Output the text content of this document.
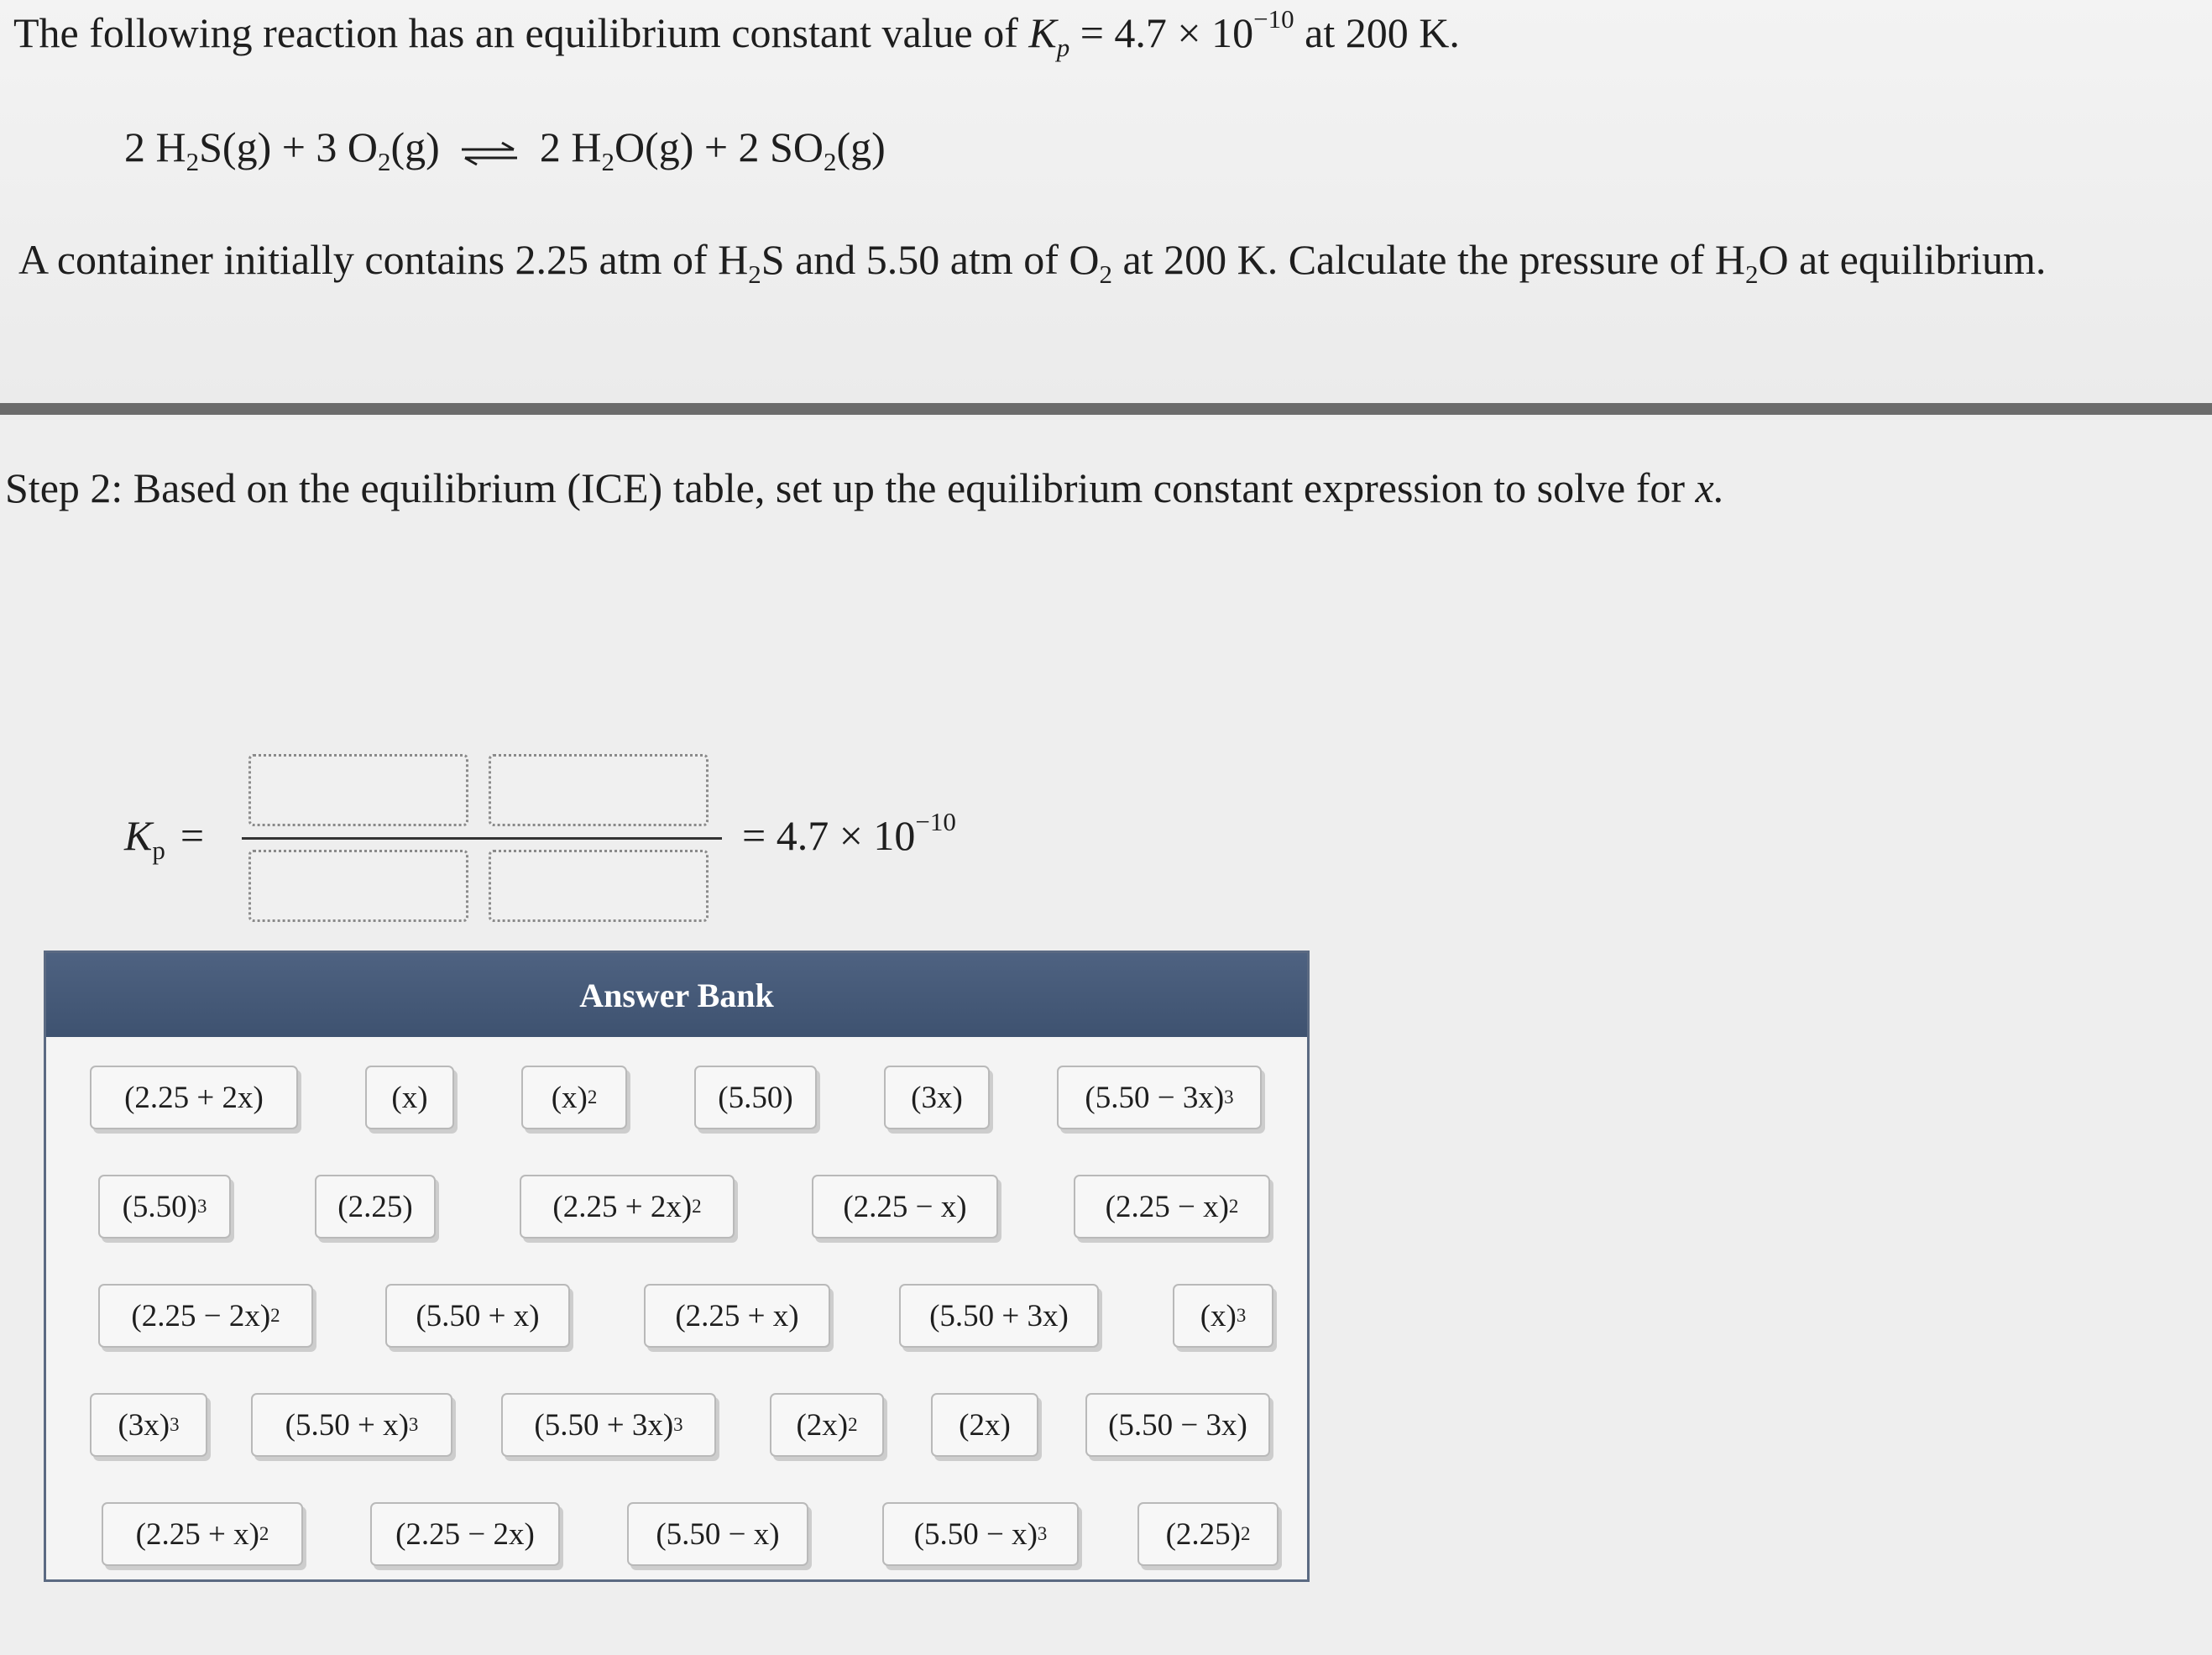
The following reaction has an equilibrium constant value of $K_p = 4.7 \times 10^{-10}$ at 200 K.
2 $H_2S(g) + 3$ $O_2(g)$ ⇌ 2 $H_2O(g) + 2$ $SO_2(g)$
A container initially contains 2.25 atm of $H_2S$ and 5.50 atm of $O_2$ at 200 K. Calculate the pressure of $H_2O$ at equilibrium.
Step 2: Based on the equilibrium (ICE) table, set up the equilibrium constant expression to solve for x.
$K_p$ =	= $4.7 \times 10^{-10}$
Answer Bank
(2.25 + 2x)	(x)	(x) 2	(5.50)	(3x)	(5.50 − 3x) 3
(5.50) 3	(2.25)	(2.25 + 2x) 2	(2.25 − x)	(2.25 − x) 2
(2.25 − 2x) 2	(5.50 + x)	(2.25 + x)	(5.50 + 3x)	(x) 3
(3x) 3	(5.50 + x) 3	(5.50 + 3x) 3	(2x) 2	(2x)	(5.50 − 3x)
(2.25 + x) 2	(2.25 − 2x)	(5.50 − x)	(5.50 − x) 3	(2.25) 2
